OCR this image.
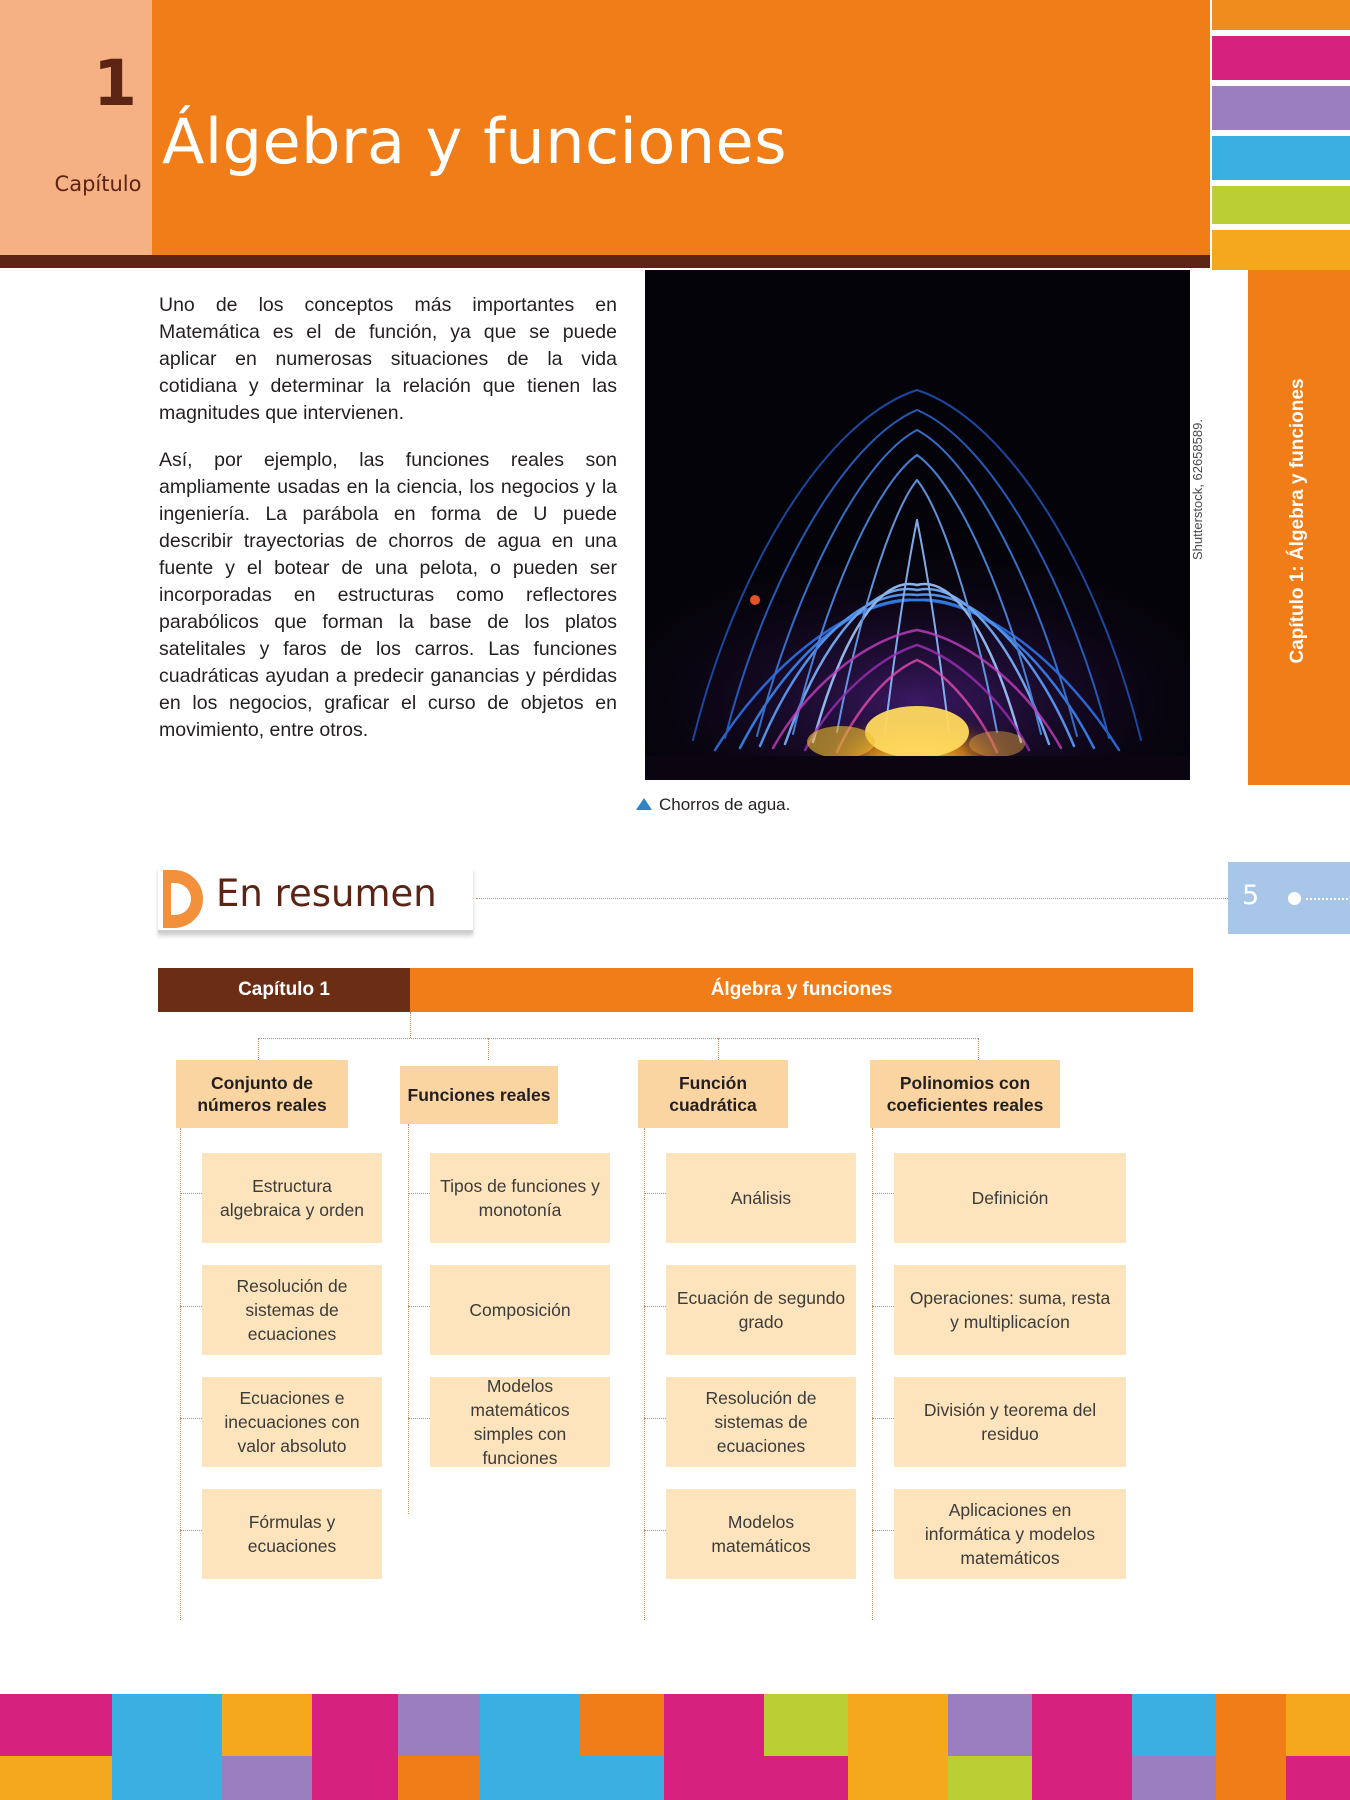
1
Capítulo
Álgebra y funciones
Capítulo 1: Álgebra y funciones
Shutterstock, 62658589.

Uno de los conceptos más importantes en Matemática es el de función, ya que se puede aplicar en numerosas situaciones de la vida cotidiana y determinar la relación que tienen las magnitudes que intervienen.

Así, por ejemplo, las funciones reales son ampliamente usadas en la ciencia, los negocios y la ingeniería. La parábola en forma de U puede describir trayectorias de chorros de agua en una fuente y el botear de una pelota, o pueden ser incorporadas en estructuras como reflectores parabólicos que forman la base de los platos satelitales y faros de los carros. Las funciones cuadráticas ayudan a predecir ganancias y pérdidas en los negocios, graficar el curso de objetos en movimiento, entre otros.

Chorros de agua.
En resumen	5
Capítulo 1	Álgebra y funciones
Conjunto de números reales	Funciones reales
Función cuadrática
Polinomios con coeficientes reales
Estructura algebraica y orden
Resolución de sistemas de ecuaciones
Ecuaciones e inecuaciones con valor absoluto
Fórmulas y ecuaciones
Tipos de funciones y monotonía
Composición
Modelos matemáticos simples con funciones
Análisis
Ecuación de segundo grado
Resolución de sistemas de ecuaciones
Modelos matemáticos
Definición
Operaciones: suma, resta y multiplicacíon
División y teorema del residuo
Aplicaciones en informática y modelos matemáticos
